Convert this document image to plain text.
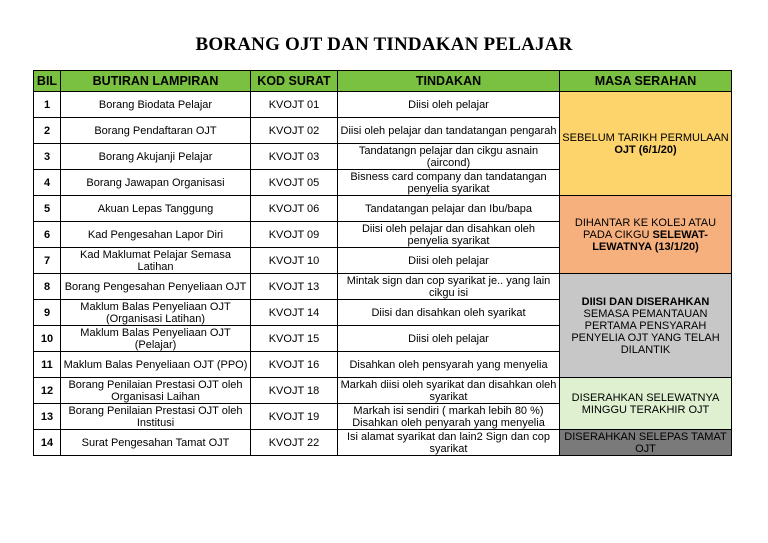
BORANG OJT DAN TINDAKAN PELAJAR
BIL	BUTIRAN LAMPIRAN	KOD SURAT	TINDAKAN	MASA SERAHAN
1	Borang Biodata Pelajar	KVOJT 01	Diisi oleh pelajar	SEBELUM TARIKH PERMULAAN OJT (6/1/20)
2	Borang Pendaftaran OJT	KVOJT 02	Diisi oleh pelajar dan tandatangan pengarah	
3	Borang Akujanji Pelajar	KVOJT 03	Tandatangn pelajar dan cikgu asnain (aircond)	
4	Borang Jawapan Organisasi	KVOJT 05	Bisness card company dan tandatangan penyelia syarikat	
5	Akuan Lepas Tanggung	KVOJT 06	Tandatangan pelajar dan Ibu/bapa	DIHANTAR KE KOLEJ ATAU PADA CIKGU SELEWAT-LEWATNYA (13/1/20)
6	Kad Pengesahan Lapor Diri	KVOJT 09	Diisi oleh pelajar dan disahkan oleh penyelia syarikat	
7	Kad Maklumat Pelajar Semasa Latihan	KVOJT 10	Diisi oleh pelajar	
8	Borang Pengesahan Penyeliaan OJT	KVOJT 13	Mintak sign dan cop syarikat je.. yang lain cikgu isi	DIISI DAN DISERAHKAN
SEMASA PEMANTAUAN PERTAMA PENSYARAH PENYELIA OJT YANG TELAH DILANTIK
9	Maklum Balas Penyeliaan OJT (Organisasi Latihan)	KVOJT 14	Diisi dan disahkan oleh syarikat	
10	Maklum Balas Penyeliaan OJT (Pelajar)	KVOJT 15	Diisi oleh pelajar	
11	Maklum Balas Penyeliaan OJT (PPO)	KVOJT 16	Disahkan oleh pensyarah yang menyelia	
12	Borang Penilaian Prestasi OJT oleh Organisasi Laihan	KVOJT 18	Markah diisi oleh syarikat dan disahkan oleh syarikat	DISERAHKAN SELEWATNYA MINGGU TERAKHIR OJT
13	Borang Penilaian Prestasi OJT oleh Institusi	KVOJT 19	Markah isi sendiri ( markah lebih 80 %) Disahkan oleh penyarah yang menyelia	
14	Surat Pengesahan Tamat OJT	KVOJT 22	Isi alamat syarikat dan lain2 Sign dan cop syarikat	DISERAHKAN SELEPAS TAMAT OJT
